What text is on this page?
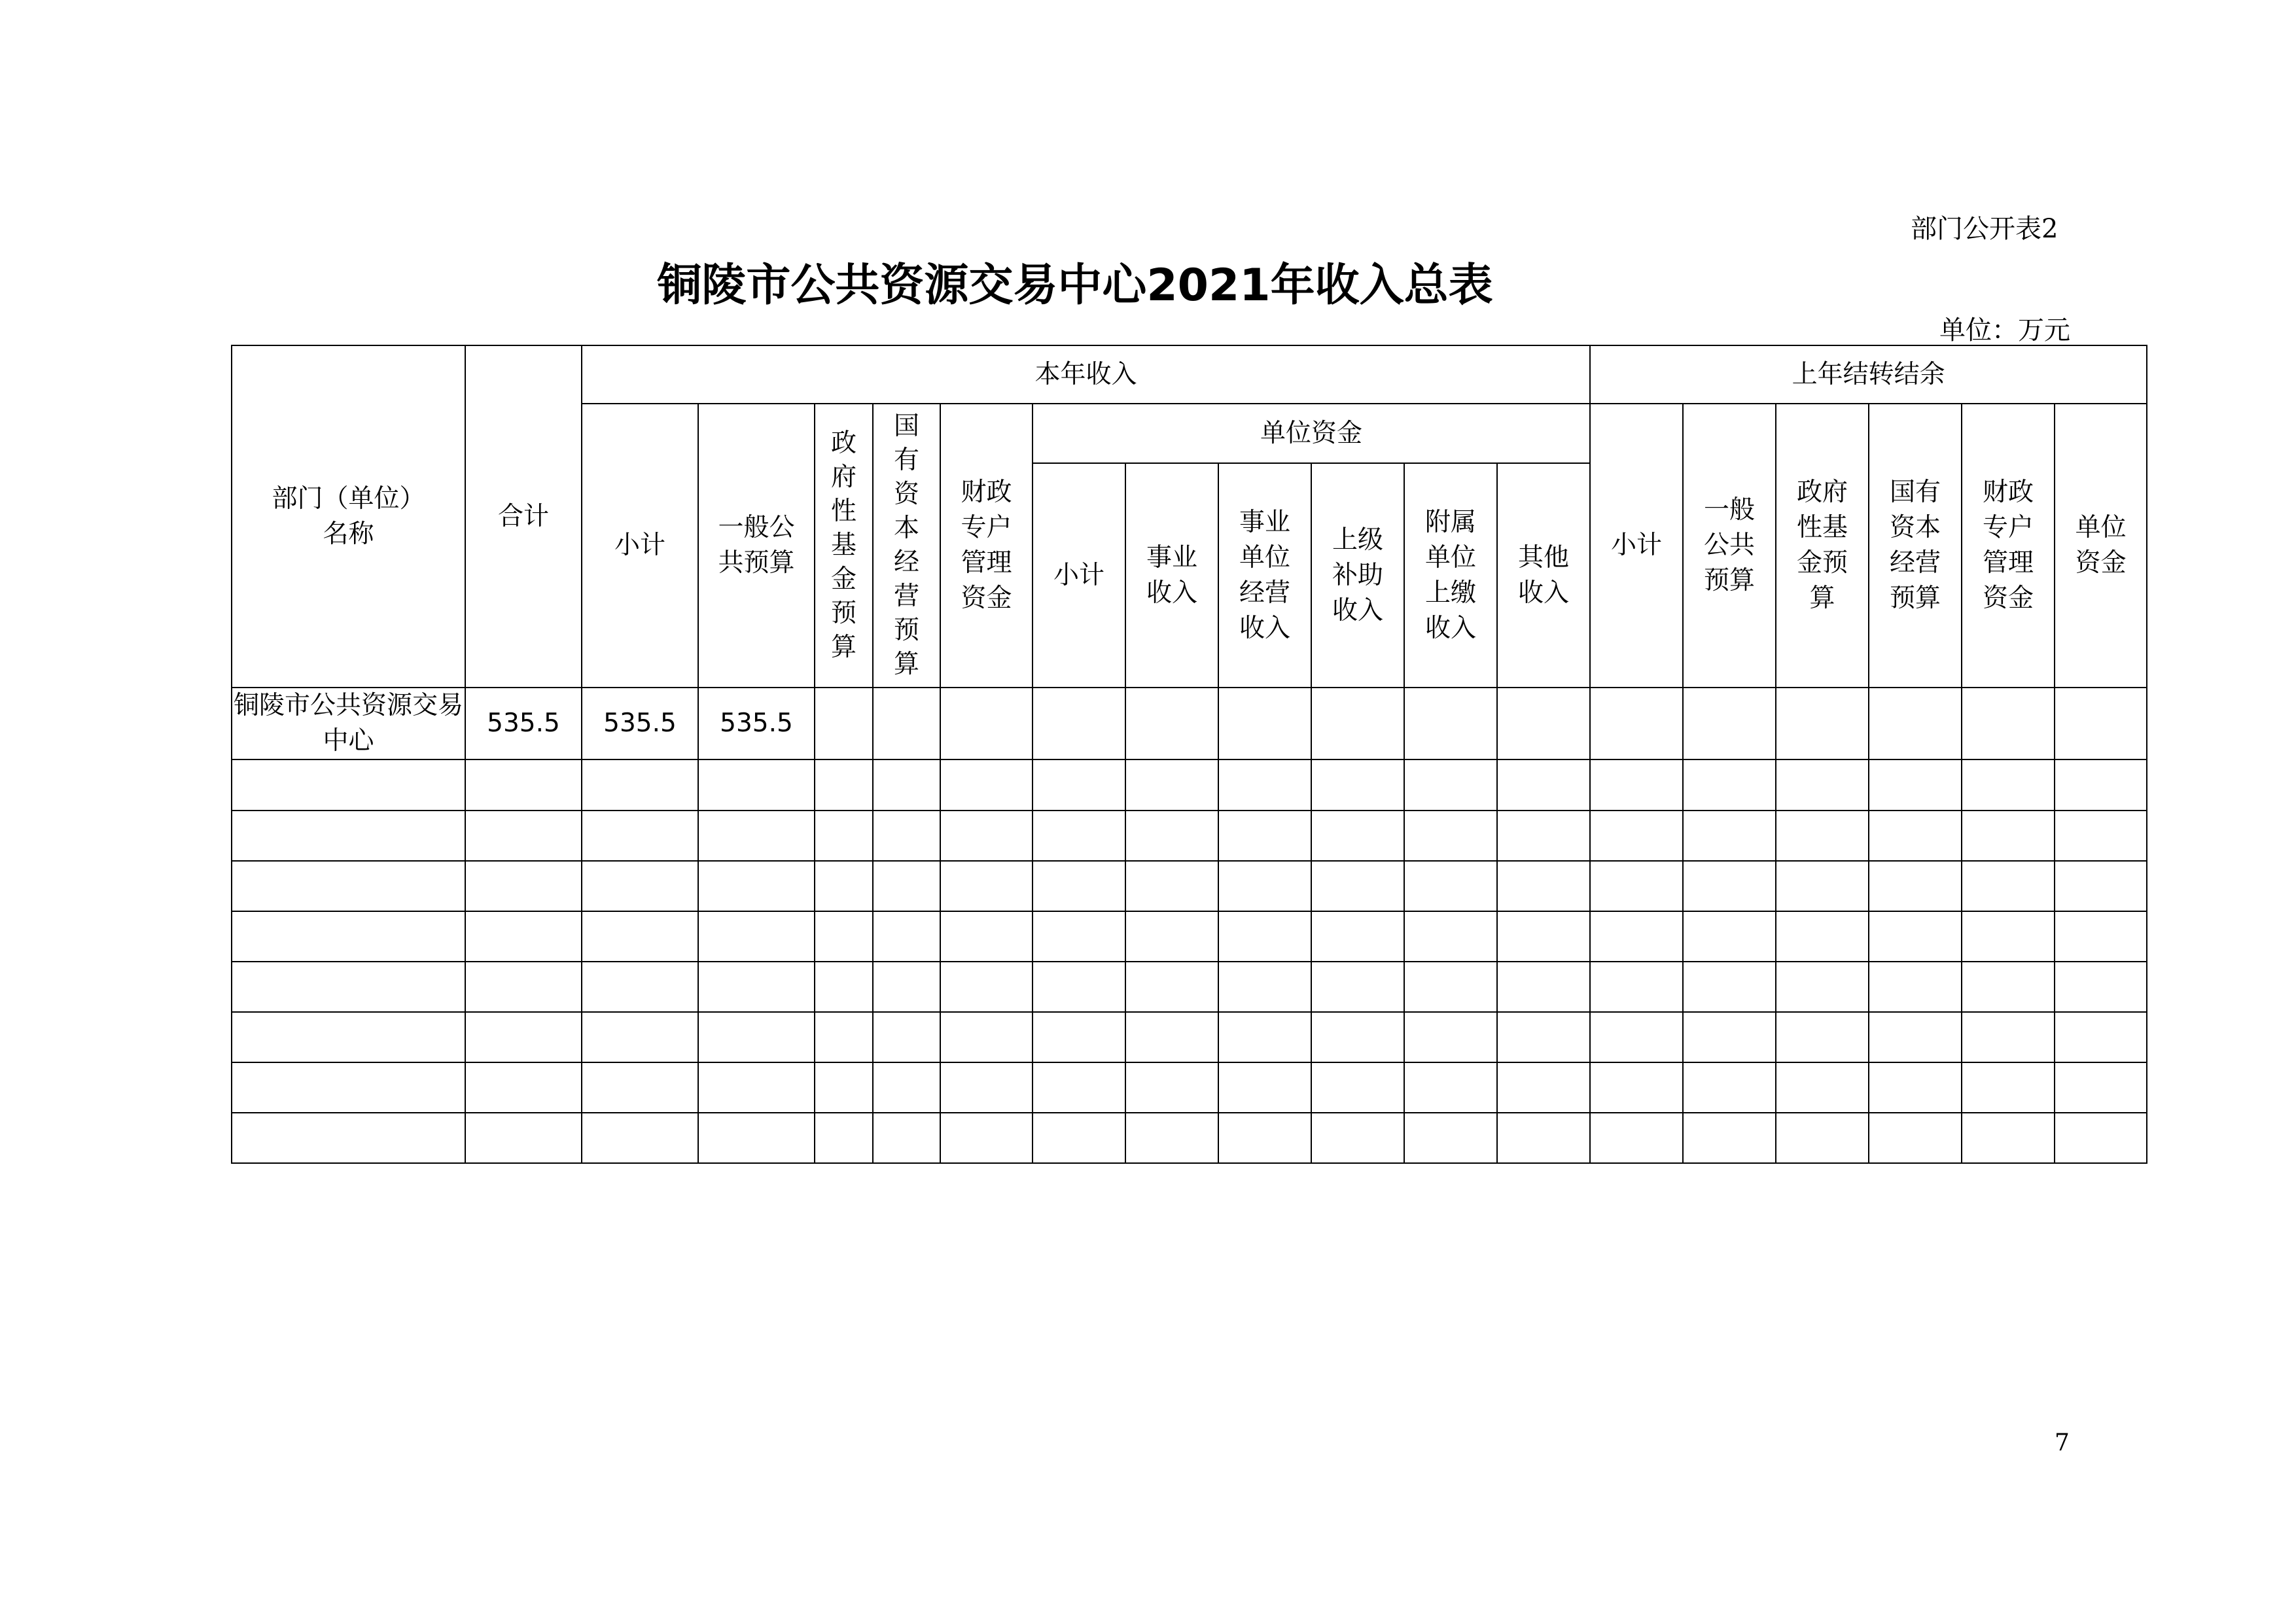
部门公开表2
铜陵市公共资源交易中心2021年收入总表
单位：万元
部门（单位）名称	合计	本年收入											上年结转结余					
		小计	一般公共预算	政府性基金预算	国有资本经营预算	财政专户管理资金	单位资金						小计	一般公共预算	政府性基金预算	国有资本经营预算	财政专户管理资金	单位资金
							小计	事业收入	事业单位经营收入	上级补助收入	附属单位上缴收入	其他收入						
铜陵市公共资源交易中心	535.5	535.5	535.5															

7
